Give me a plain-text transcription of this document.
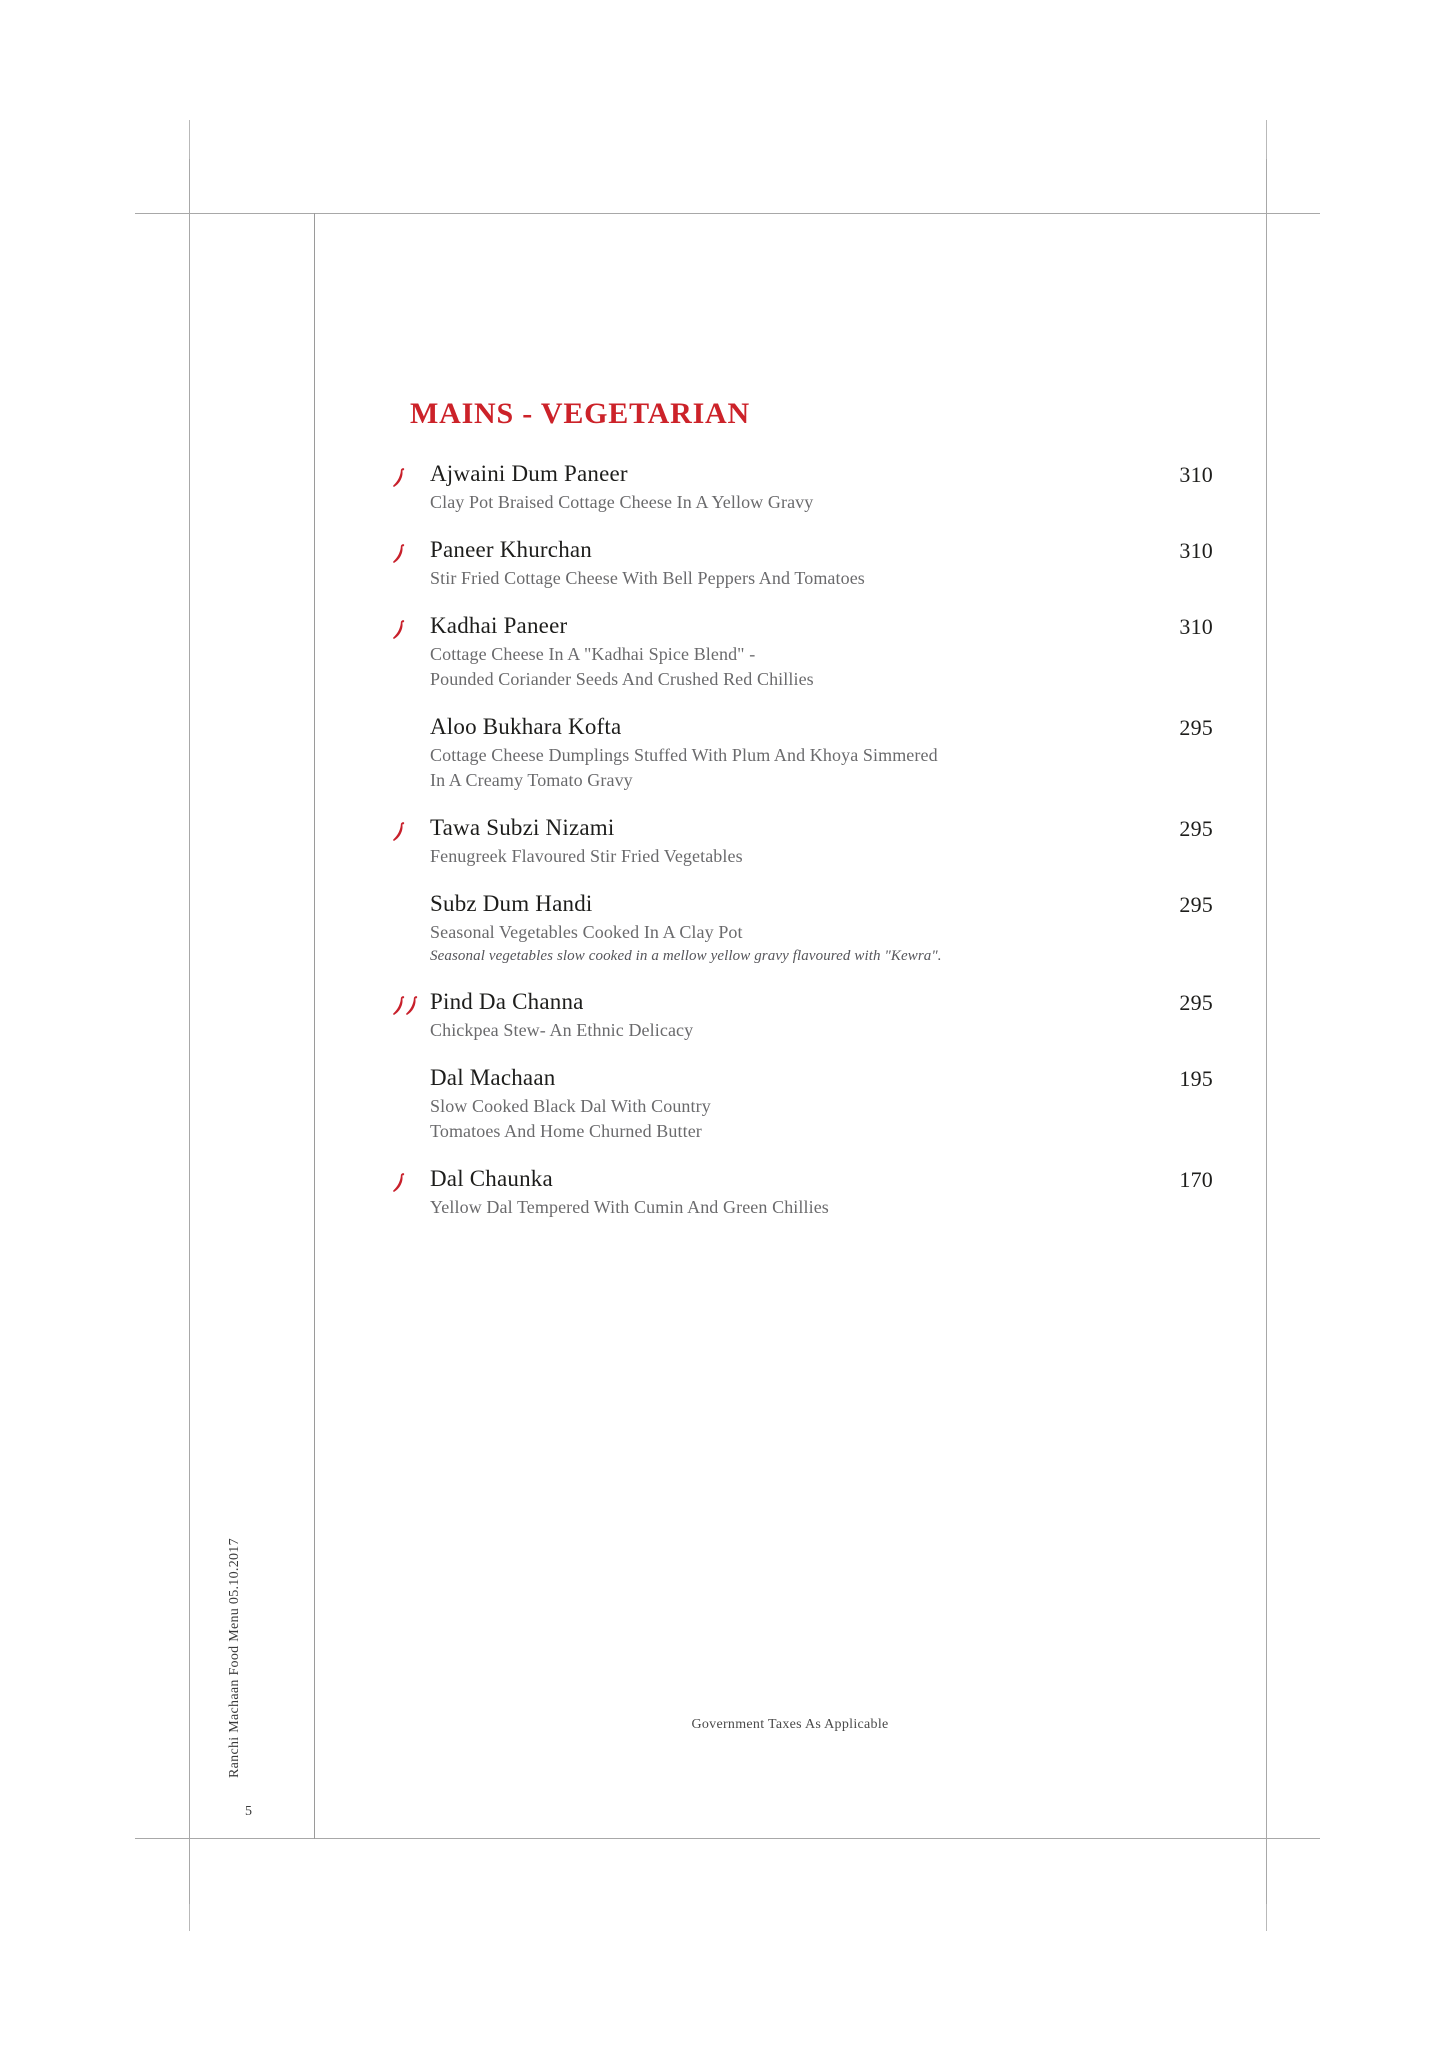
Ranchi Machaan Food Menu 05.10.2017
5
MAINS - VEGETARIAN
Ajwaini Dum Paneer	310
Clay Pot Braised Cottage Cheese In A Yellow Gravy
Paneer Khurchan	310
Stir Fried Cottage Cheese With Bell Peppers And Tomatoes
Kadhai Paneer	310
Cottage Cheese In A "Kadhai Spice Blend" -
Pounded Coriander Seeds And Crushed Red Chillies
Aloo Bukhara Kofta	295
Cottage Cheese Dumplings Stuffed With Plum And Khoya Simmered
In A Creamy Tomato Gravy
Tawa Subzi Nizami	295
Fenugreek Flavoured Stir Fried Vegetables
Subz Dum Handi	295
Seasonal Vegetables Cooked In A Clay Pot
Seasonal vegetables slow cooked in a mellow yellow gravy flavoured with "Kewra".
Pind Da Channa	295
Chickpea Stew- An Ethnic Delicacy
Dal Machaan	195
Slow Cooked Black Dal With Country
Tomatoes And Home Churned Butter
Dal Chaunka	170
Yellow Dal Tempered With Cumin And Green Chillies
Government Taxes As Applicable
